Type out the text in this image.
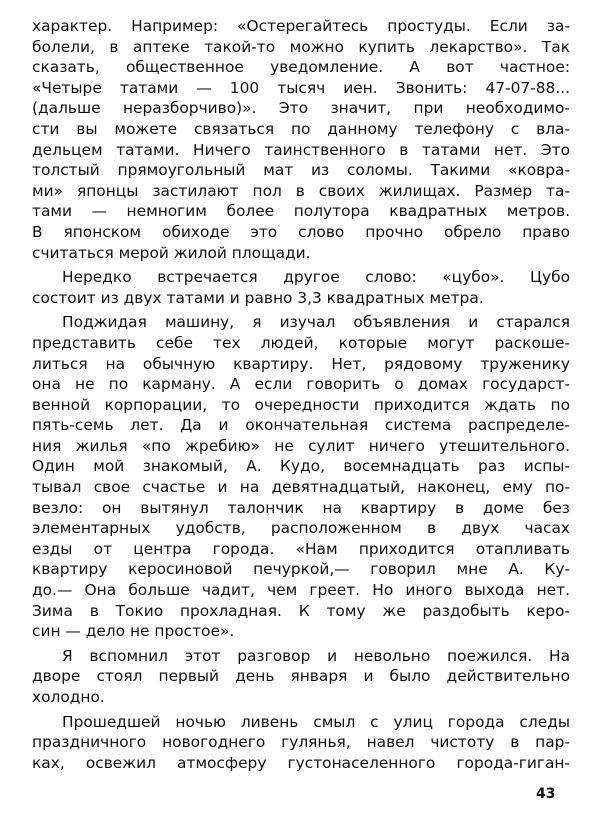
характер. Например: «Остерегайтесь простуды. Если за-
болели, в аптеке такой-то можно купить лекарство». Так
сказать, общественное уведомление. А вот частное:
«Четыре татами — 100 тысяч иен. Звонить: 47-07-88...
(дальше неразборчиво)». Это значит, при необходимо-
сти вы можете связаться по данному телефону с вла-
дельцем татами. Ничего таинственного в татами нет. Это
толстый прямоугольный мат из соломы. Такими «ковра-
ми» японцы застилают пол в своих жилищах. Размер та-
тами — немногим более полутора квадратных метров.
В японском обиходе это слово прочно обрело право
считаться мерой жилой площади.
Нередко встречается другое слово: «цубо». Цубо
состоит из двух татами и равно 3,3 квадратных метра.
Поджидая машину, я изучал объявления и старался
представить себе тех людей, которые могут раскоше-
литься на обычную квартиру. Нет, рядовому труженику
она не по карману. А если говорить о домах государст-
венной корпорации, то очередности приходится ждать по
пять-семь лет. Да и окончательная система распределе-
ния жилья «по жребию» не сулит ничего утешительного.
Один мой знакомый, А. Кудо, восемнадцать раз испы-
тывал свое счастье и на девятнадцатый, наконец, ему по-
везло: он вытянул талончик на квартиру в доме без
элементарных удобств, расположенном в двух часах
езды от центра города. «Нам приходится отапливать
квартиру керосиновой печуркой,— говорил мне А. Ку-
до.— Она больше чадит, чем греет. Но иного выхода нет.
Зима в Токио прохладная. К тому же раздобыть керо-
син — дело не простое».
Я вспомнил этот разговор и невольно поежился. На
дворе стоял первый день января и было действительно
холодно.
Прошедшей ночью ливень смыл с улиц города следы
праздничного новогоднего гулянья, навел чистоту в пар-
ках, освежил атмосферу густонаселенного города-гиган-
43
